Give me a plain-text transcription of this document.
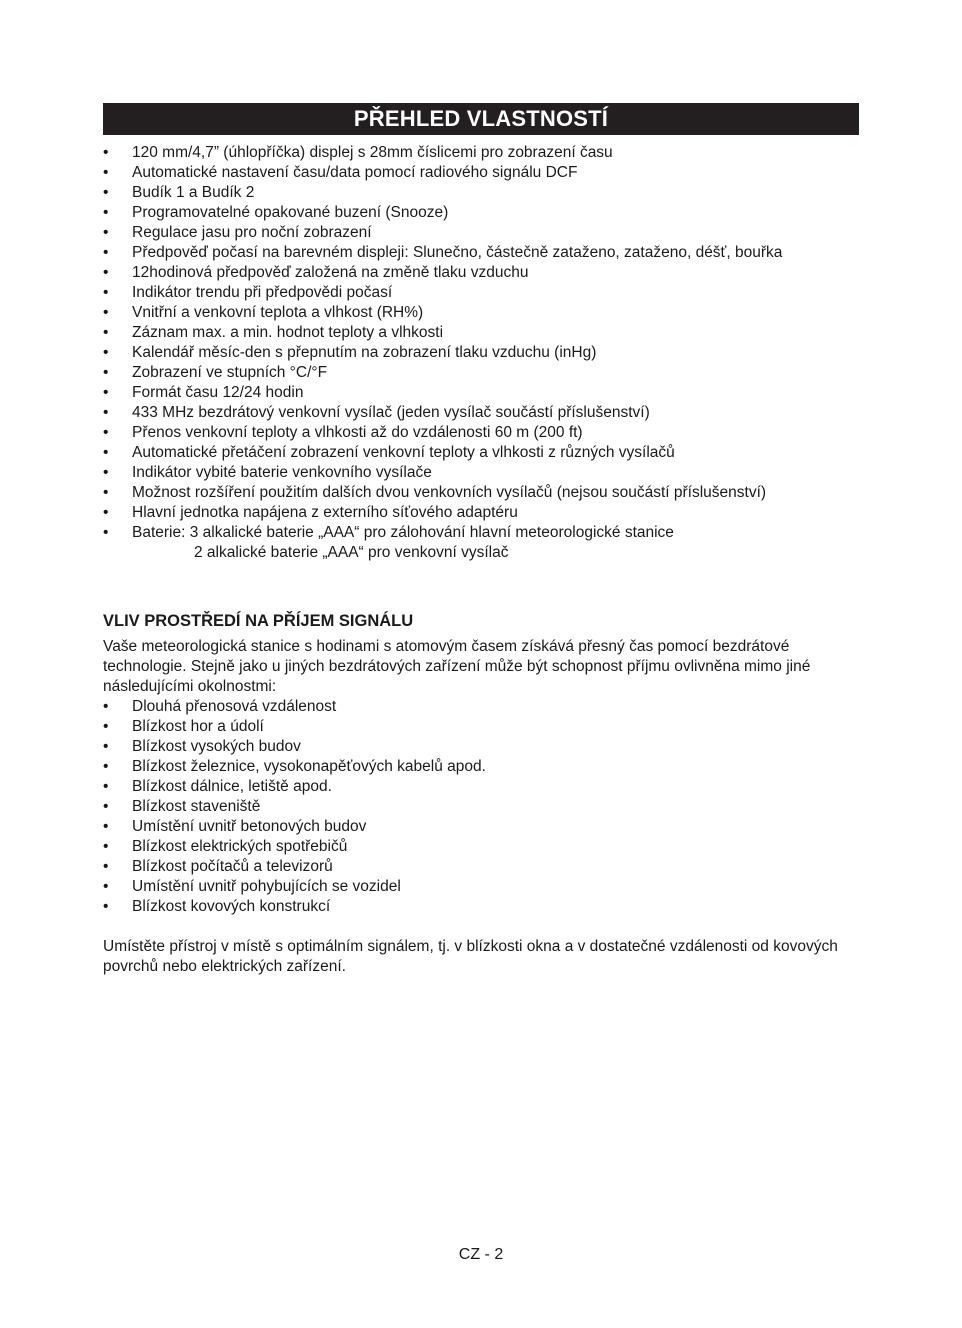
PŘEHLED VLASTNOSTÍ
•	120 mm/4,7” (úhlopříčka) displej s 28mm číslicemi pro zobrazení času
•	Automatické nastavení času/data pomocí radiového signálu DCF
•	Budík 1 a Budík 2
•	Programovatelné opakované buzení (Snooze)
•	Regulace jasu pro noční zobrazení
•	Předpověď počasí na barevném displeji: Slunečno, částečně zataženo, zataženo, déšť, bouřka
•	12hodinová předpověď založená na změně tlaku vzduchu
•	Indikátor trendu při předpovědi počasí
•	Vnitřní a venkovní teplota a vlhkost (RH%)
•	Záznam max. a min. hodnot teploty a vlhkosti
•	Kalendář měsíc-den s přepnutím na zobrazení tlaku vzduchu (inHg)
•	Zobrazení ve stupních °C/°F
•	Formát času 12/24 hodin
•	433 MHz bezdrátový venkovní vysílač (jeden vysílač součástí příslušenství)
•	Přenos venkovní teploty a vlhkosti až do vzdálenosti 60 m (200 ft)
•	Automatické přetáčení zobrazení venkovní teploty a vlhkosti z různých vysílačů
•	Indikátor vybité baterie venkovního vysílače
•	Možnost rozšíření použitím dalších dvou venkovních vysílačů (nejsou součástí příslušenství)
•	Hlavní jednotka napájena z externího síťového adaptéru
•	Baterie: 3 alkalické baterie „AAA“ pro zálohování hlavní meteorologické stanice
2 alkalické baterie „AAA“ pro venkovní vysílač
VLIV PROSTŘEDÍ NA PŘÍJEM SIGNÁLU

Vaše meteorologická stanice s hodinami s atomovým časem získává přesný čas pomocí bezdrátové technologie. Stejně jako u jiných bezdrátových zařízení může být schopnost příjmu ovlivněna mimo jiné následujícími okolnostmi:

•	Dlouhá přenosová vzdálenost
•	Blízkost hor a údolí
•	Blízkost vysokých budov
•	Blízkost železnice, vysokonapěťových kabelů apod.
•	Blízkost dálnice, letiště apod.
•	Blízkost staveniště
•	Umístění uvnitř betonových budov
•	Blízkost elektrických spotřebičů
•	Blízkost počítačů a televizorů
•	Umístění uvnitř pohybujících se vozidel
•	Blízkost kovových konstrukcí

Umístěte přístroj v místě s optimálním signálem, tj. v blízkosti okna a v dostatečné vzdálenosti od kovových povrchů nebo elektrických zařízení.

CZ - 2
